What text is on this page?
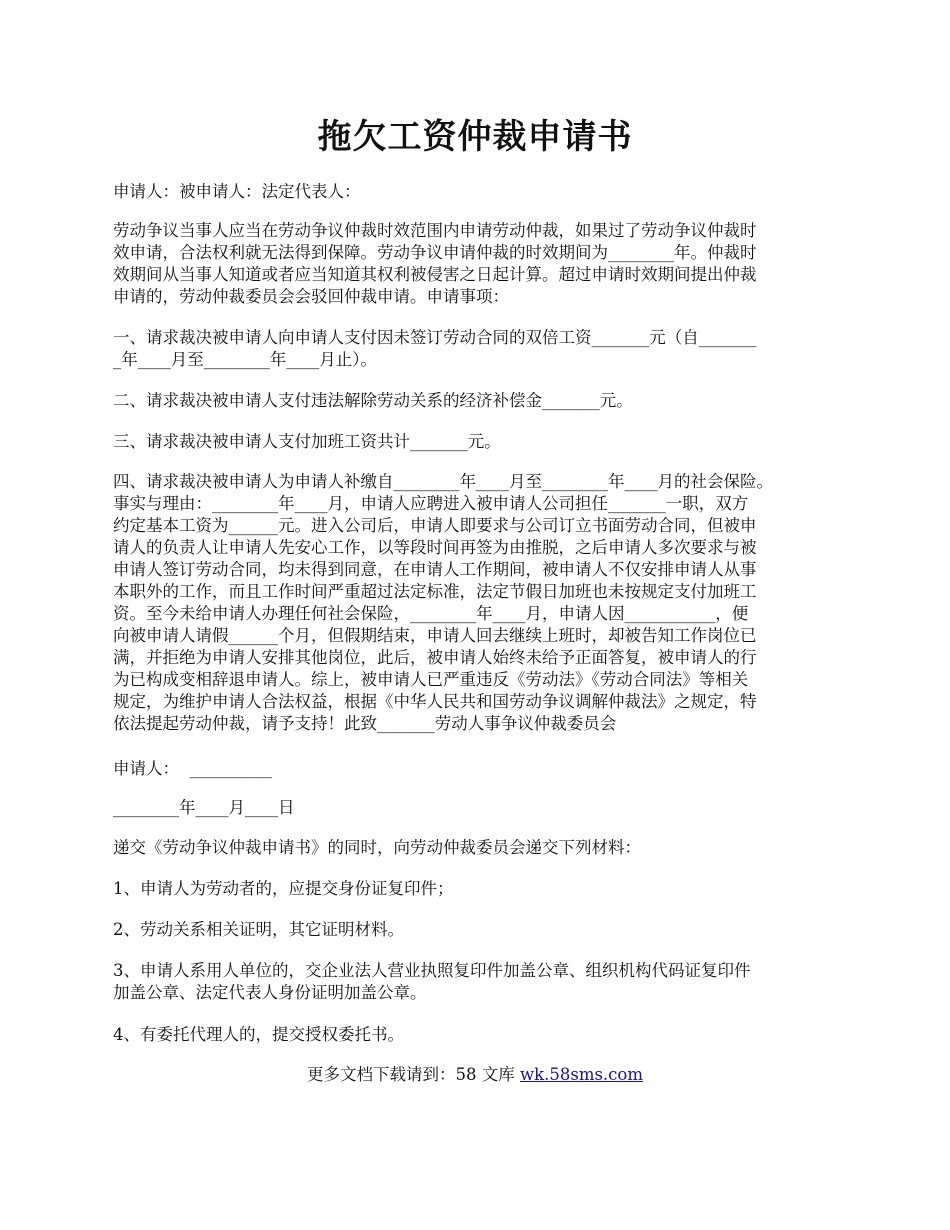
拖欠工资仲裁申请书

申请人：被申请人：法定代表人：

劳动争议当事人应当在劳动争议仲裁时效范围内申请劳动仲裁，如果过了劳动争议仲裁时
效申请，合法权利就无法得到保障。劳动争议申请仲裁的时效期间为________年。仲裁时
效期间从当事人知道或者应当知道其权利被侵害之日起计算。超过申请时效期间提出仲裁
申请的，劳动仲裁委员会会驳回仲裁申请。申请事项：
一、请求裁决被申请人向申请人支付因未签订劳动合同的双倍工资_______元（自_______
_年____月至________年____月止）。

二、请求裁决被申请人支付违法解除劳动关系的经济补偿金_______元。

三、请求裁决被申请人支付加班工资共计_______元。

四、请求裁决被申请人为申请人补缴自________年____月至________年____月的社会保险。
事实与理由：________年____月，申请人应聘进入被申请人公司担任_______一职，双方
约定基本工资为______元。进入公司后，申请人即要求与公司订立书面劳动合同，但被申
请人的负责人让申请人先安心工作，以等段时间再签为由推脱，之后申请人多次要求与被
申请人签订劳动合同，均未得到同意，在申请人工作期间，被申请人不仅安排申请人从事
本职外的工作，而且工作时间严重超过法定标准，法定节假日加班也未按规定支付加班工
资。至今未给申请人办理任何社会保险，________年____月，申请人因___________，便
向被申请人请假______个月，但假期结束，申请人回去继续上班时，却被告知工作岗位已
满，并拒绝为申请人安排其他岗位，此后，被申请人始终未给予正面答复，被申请人的行
为已构成变相辞退申请人。综上，被申请人已严重违反《劳动法》《劳动合同法》等相关
规定，为维护申请人合法权益，根据《中华人民共和国劳动争议调解仲裁法》之规定，特
依法提起劳动仲裁，请予支持！此致_______劳动人事争议仲裁委员会

申请人：  __________

________年____月____日

递交《劳动争议仲裁申请书》的同时，向劳动仲裁委员会递交下列材料：

1、申请人为劳动者的，应提交身份证复印件；

2、劳动关系相关证明，其它证明材料。

3、申请人系用人单位的，交企业法人营业执照复印件加盖公章、组织机构代码证复印件
加盖公章、法定代表人身份证明加盖公章。

4、有委托代理人的，提交授权委托书。

更多文档下载请到：58 文库 wk.58sms.com
